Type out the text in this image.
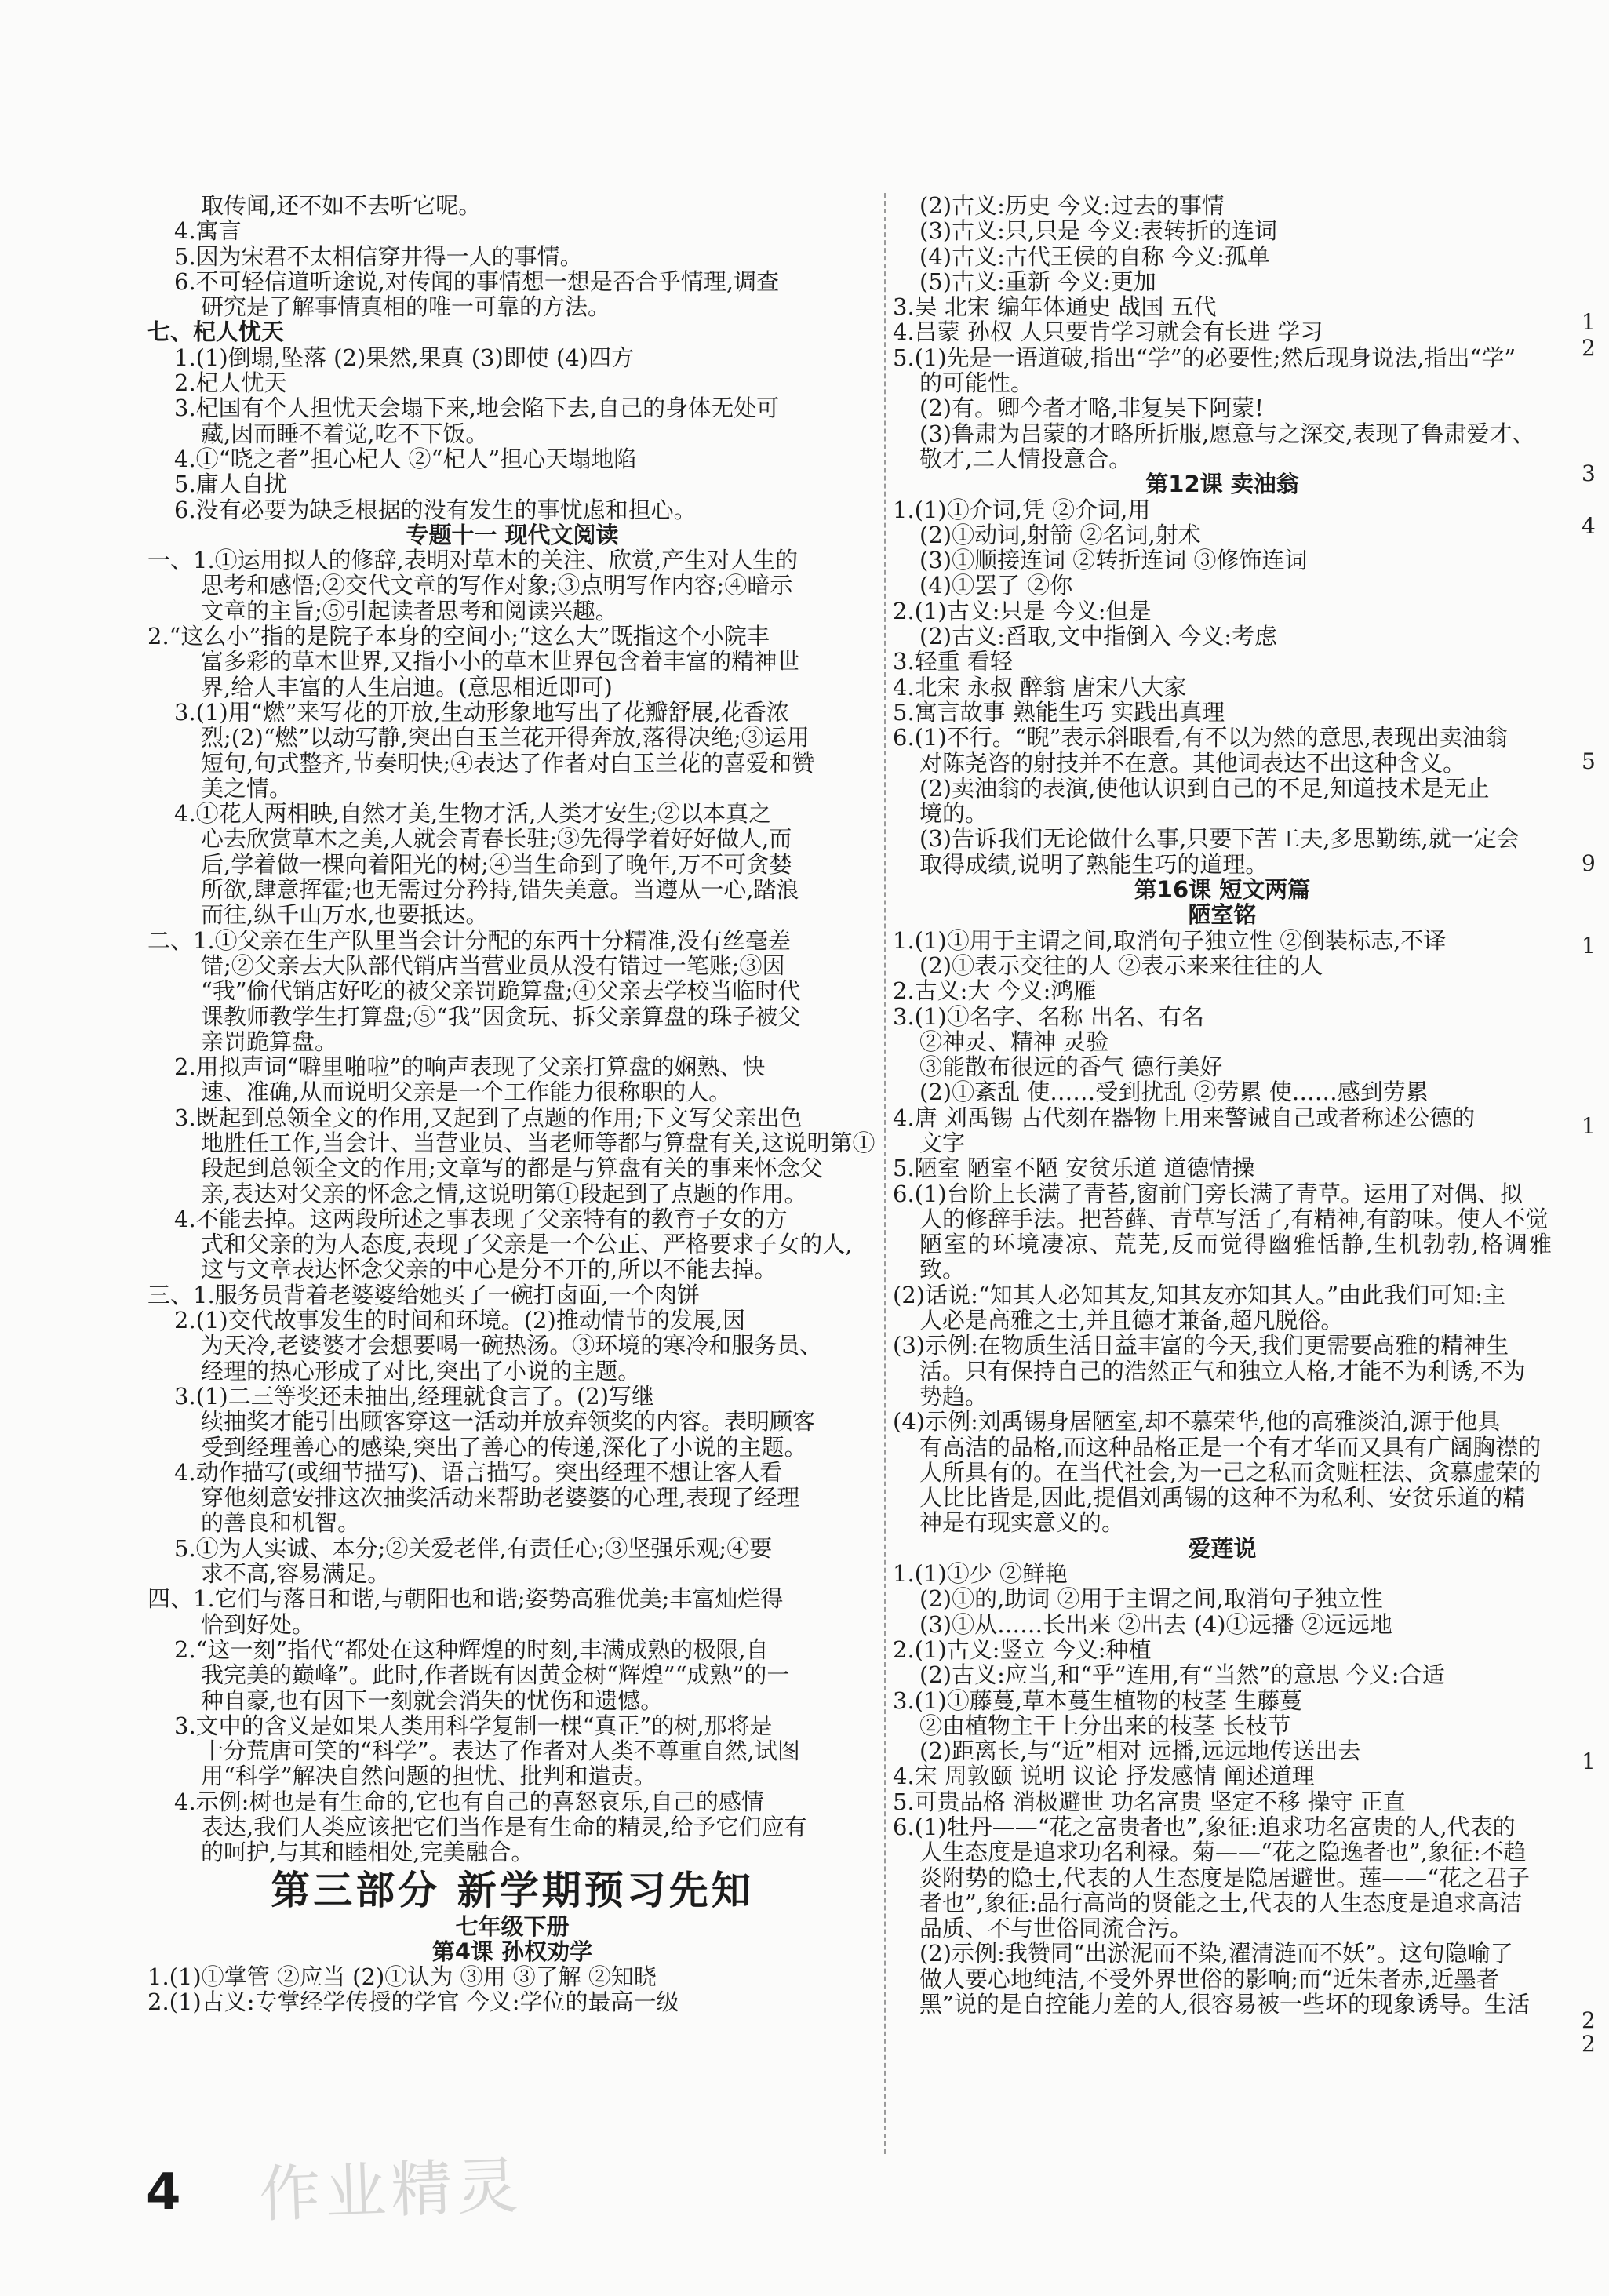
取传闻,还不如不去听它呢。

4.寓言

5.因为宋君不太相信穿井得一人的事情。

6.不可轻信道听途说,对传闻的事情想一想是否合乎情理,调查

研究是了解事情真相的唯一可靠的方法。

七、杞人忧天

1.(1)倒塌,坠落 (2)果然,果真 (3)即使 (4)四方

2.杞人忧天

3.杞国有个人担忧天会塌下来,地会陷下去,自己的身体无处可

藏,因而睡不着觉,吃不下饭。

4.①“晓之者”担心杞人 ②“杞人”担心天塌地陷

5.庸人自扰

6.没有必要为缺乏根据的没有发生的事忧虑和担心。

专题十一 现代文阅读

一、1.①运用拟人的修辞,表明对草木的关注、欣赏,产生对人生的

思考和感悟;②交代文章的写作对象;③点明写作内容;④暗示

文章的主旨;⑤引起读者思考和阅读兴趣。

2.“这么小”指的是院子本身的空间小;“这么大”既指这个小院丰

富多彩的草木世界,又指小小的草木世界包含着丰富的精神世

界,给人丰富的人生启迪。(意思相近即可)

3.(1)用“燃”来写花的开放,生动形象地写出了花瓣舒展,花香浓

烈;(2)“燃”以动写静,突出白玉兰花开得奔放,落得决绝;③运用

短句,句式整齐,节奏明快;④表达了作者对白玉兰花的喜爱和赞

美之情。

4.①花人两相映,自然才美,生物才活,人类才安生;②以本真之

心去欣赏草木之美,人就会青春长驻;③先得学着好好做人,而

后,学着做一棵向着阳光的树;④当生命到了晚年,万不可贪婪

所欲,肆意挥霍;也无需过分矜持,错失美意。当遵从一心,踏浪

而往,纵千山万水,也要抵达。

二、1.①父亲在生产队里当会计分配的东西十分精准,没有丝毫差

错;②父亲去大队部代销店当营业员从没有错过一笔账;③因

“我”偷代销店好吃的被父亲罚跪算盘;④父亲去学校当临时代

课教师教学生打算盘;⑤“我”因贪玩、拆父亲算盘的珠子被父

亲罚跪算盘。

2.用拟声词“噼里啪啦”的响声表现了父亲打算盘的娴熟、快

速、准确,从而说明父亲是一个工作能力很称职的人。

3.既起到总领全文的作用,又起到了点题的作用;下文写父亲出色

地胜任工作,当会计、当营业员、当老师等都与算盘有关,这说明第①

段起到总领全文的作用;文章写的都是与算盘有关的事来怀念父

亲,表达对父亲的怀念之情,这说明第①段起到了点题的作用。

4.不能去掉。这两段所述之事表现了父亲特有的教育子女的方

式和父亲的为人态度,表现了父亲是一个公正、严格要求子女的人,

这与文章表达怀念父亲的中心是分不开的,所以不能去掉。

三、1.服务员背着老婆婆给她买了一碗打卤面,一个肉饼

2.(1)交代故事发生的时间和环境。(2)推动情节的发展,因

为天冷,老婆婆才会想要喝一碗热汤。③环境的寒冷和服务员、

经理的热心形成了对比,突出了小说的主题。

3.(1)二三等奖还未抽出,经理就食言了。(2)写继

续抽奖才能引出顾客穿这一活动并放弃领奖的内容。表明顾客

受到经理善心的感染,突出了善心的传递,深化了小说的主题。

4.动作描写(或细节描写)、语言描写。突出经理不想让客人看

穿他刻意安排这次抽奖活动来帮助老婆婆的心理,表现了经理

的善良和机智。

5.①为人实诚、本分;②关爱老伴,有责任心;③坚强乐观;④要

求不高,容易满足。

四、1.它们与落日和谐,与朝阳也和谐;姿势高雅优美;丰富灿烂得

恰到好处。

2.“这一刻”指代“都处在这种辉煌的时刻,丰满成熟的极限,自

我完美的巅峰”。此时,作者既有因黄金树“辉煌”“成熟”的一

种自豪,也有因下一刻就会消失的忧伤和遗憾。

3.文中的含义是如果人类用科学复制一棵“真正”的树,那将是

十分荒唐可笑的“科学”。表达了作者对人类不尊重自然,试图

用“科学”解决自然问题的担忧、批判和遣责。

4.示例:树也是有生命的,它也有自己的喜怒哀乐,自己的感情

表达,我们人类应该把它们当作是有生命的精灵,给予它们应有

的呵护,与其和睦相处,完美融合。

第三部分 新学期预习先知

七年级下册

第4课 孙权劝学

1.(1)①掌管 ②应当 (2)①认为 ③用 ③了解 ②知晓

2.(1)古义:专掌经学传授的学官 今义:学位的最高一级

(2)古义:历史 今义:过去的事情

(3)古义:只,只是 今义:表转折的连词

(4)古义:古代王侯的自称 今义:孤单

(5)古义:重新 今义:更加

3.吴 北宋 编年体通史 战国 五代

4.吕蒙 孙权 人只要肯学习就会有长进 学习

5.(1)先是一语道破,指出“学”的必要性;然后现身说法,指出“学”

的可能性。

(2)有。卿今者才略,非复吴下阿蒙!

(3)鲁肃为吕蒙的才略所折服,愿意与之深交,表现了鲁肃爱才、

敬才,二人情投意合。

第12课 卖油翁

1.(1)①介词,凭 ②介词,用

(2)①动词,射箭 ②名词,射术

(3)①顺接连词 ②转折连词 ③修饰连词

(4)①罢了 ②你

2.(1)古义:只是 今义:但是

(2)古义:舀取,文中指倒入 今义:考虑

3.轻重 看轻

4.北宋 永叔 醉翁 唐宋八大家

5.寓言故事 熟能生巧 实践出真理

6.(1)不行。“睨”表示斜眼看,有不以为然的意思,表现出卖油翁

对陈尧咨的射技并不在意。其他词表达不出这种含义。

(2)卖油翁的表演,使他认识到自己的不足,知道技术是无止

境的。

(3)告诉我们无论做什么事,只要下苦工夫,多思勤练,就一定会

取得成绩,说明了熟能生巧的道理。

第16课 短文两篇

陋室铭

1.(1)①用于主谓之间,取消句子独立性 ②倒装标志,不译

(2)①表示交往的人 ②表示来来往往的人

2.古义:大 今义:鸿雁

3.(1)①名字、名称 出名、有名

②神灵、精神 灵验

③能散布很远的香气 德行美好

(2)①紊乱 使……受到扰乱 ②劳累 使……感到劳累

4.唐 刘禹锡 古代刻在器物上用来警诫自己或者称述公德的

文字

5.陋室 陋室不陋 安贫乐道 道德情操

6.(1)台阶上长满了青苔,窗前门旁长满了青草。运用了对偶、拟

人的修辞手法。把苔藓、青草写活了,有精神,有韵味。使人不觉

陋室的环境凄凉、荒芜,反而觉得幽雅恬静,生机勃勃,格调雅致。

(2)话说:“知其人必知其友,知其友亦知其人。”由此我们可知:主

人必是高雅之士,并且德才兼备,超凡脱俗。

(3)示例:在物质生活日益丰富的今天,我们更需要高雅的精神生

活。只有保持自己的浩然正气和独立人格,才能不为利诱,不为

势趋。

(4)示例:刘禹锡身居陋室,却不慕荣华,他的高雅淡泊,源于他具

有高洁的品格,而这种品格正是一个有才华而又具有广阔胸襟的

人所具有的。在当代社会,为一己之私而贪赃枉法、贪慕虚荣的

人比比皆是,因此,提倡刘禹锡的这种不为私利、安贫乐道的精

神是有现实意义的。

爱莲说

1.(1)①少 ②鲜艳

(2)①的,助词 ②用于主谓之间,取消句子独立性

(3)①从……长出来 ②出去 (4)①远播 ②远远地

2.(1)古义:竖立 今义:种植

(2)古义:应当,和“乎”连用,有“当然”的意思 今义:合适

3.(1)①藤蔓,草本蔓生植物的枝茎 生藤蔓

②由植物主干上分出来的枝茎 长枝节

(2)距离长,与“近”相对 远播,远远地传送出去

4.宋 周敦颐 说明 议论 抒发感情 阐述道理

5.可贵品格 消极避世 功名富贵 坚定不移 操守 正直

6.(1)牡丹——“花之富贵者也”,象征:追求功名富贵的人,代表的

人生态度是追求功名利禄。菊——“花之隐逸者也”,象征:不趋

炎附势的隐士,代表的人生态度是隐居避世。莲——“花之君子

者也”,象征:品行高尚的贤能之士,代表的人生态度是追求高洁

品质、不与世俗同流合污。

(2)示例:我赞同“出淤泥而不染,濯清涟而不妖”。这句隐喻了

做人要心地纯洁,不受外界世俗的影响;而“近朱者赤,近墨者

黑”说的是自控能力差的人,很容易被一些坏的现象诱导。生活

1
2
3
4
5
9
1
1
1
2
2
作业精灵
4
